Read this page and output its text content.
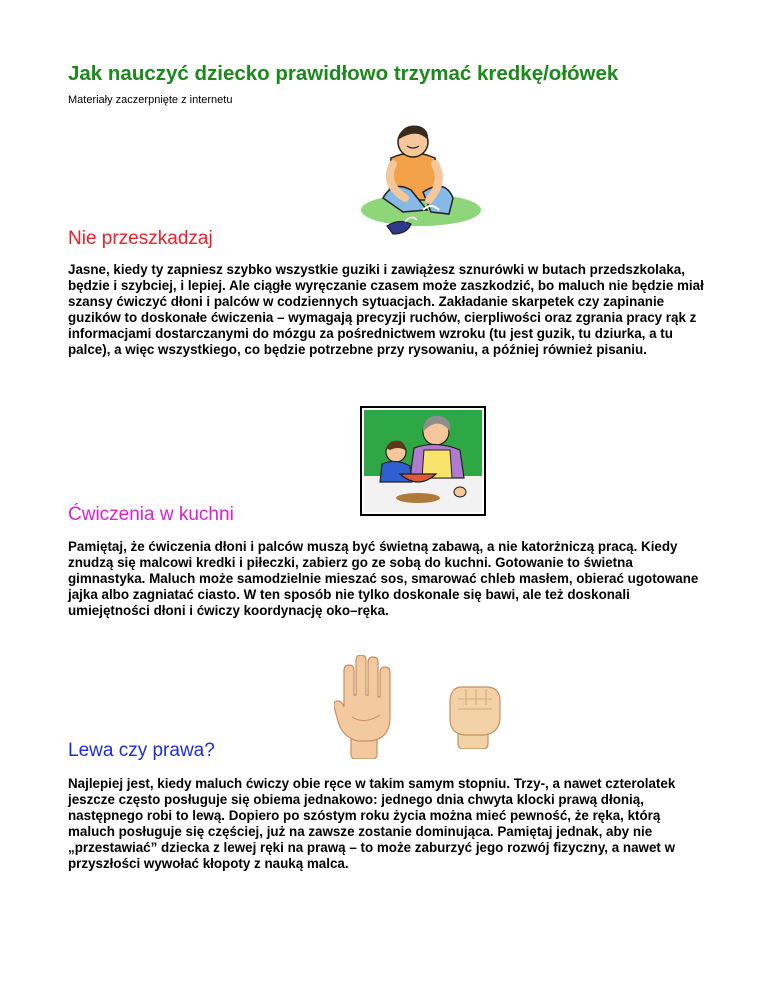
Jak nauczyć dziecko prawidłowo trzymać kredkę/ołówek
Materiały zaczerpnięte z internetu
Nie przeszkadzaj

Jasne, kiedy ty zapniesz szybko wszystkie guziki i zawiążesz sznurówki w butach przedszkolaka, będzie i szybciej, i lepiej. Ale ciągłe wyręczanie czasem może zaszkodzić, bo maluch nie będzie miał szansy ćwiczyć dłoni i palców w codziennych sytuacjach. Zakładanie skarpetek czy zapinanie guzików to doskonałe ćwiczenia – wymagają precyzji ruchów, cierpliwości oraz zgrania pracy rąk z informacjami dostarczanymi do mózgu za pośrednictwem wzroku (tu jest guzik, tu dziurka, a tu palce), a więc wszystkiego, co będzie potrzebne przy rysowaniu, a później również pisaniu.

Ćwiczenia w kuchni

Pamiętaj, że ćwiczenia dłoni i palców muszą być świetną zabawą, a nie katorżniczą pracą. Kiedy znudzą się malcowi kredki i piłeczki, zabierz go ze sobą do kuchni. Gotowanie to świetna gimnastyka. Maluch może samodzielnie mieszać sos, smarować chleb masłem, obierać ugotowane jajka albo zagniatać ciasto. W ten sposób nie tylko doskonale się bawi, ale też doskonali umiejętności dłoni i ćwiczy koordynację oko–ręka.

Lewa czy prawa?

Najlepiej jest, kiedy maluch ćwiczy obie ręce w takim samym stopniu. Trzy-, a nawet czterolatek jeszcze często posługuje się obiema jednakowo: jednego dnia chwyta klocki prawą dłonią, następnego robi to lewą. Dopiero po szóstym roku życia można mieć pewność, że ręka, którą maluch posługuje się częściej, już na zawsze zostanie dominująca. Pamiętaj jednak, aby nie „przestawiać” dziecka z lewej ręki na prawą – to może zaburzyć jego rozwój fizyczny, a nawet w przyszłości wywołać kłopoty z nauką malca.
